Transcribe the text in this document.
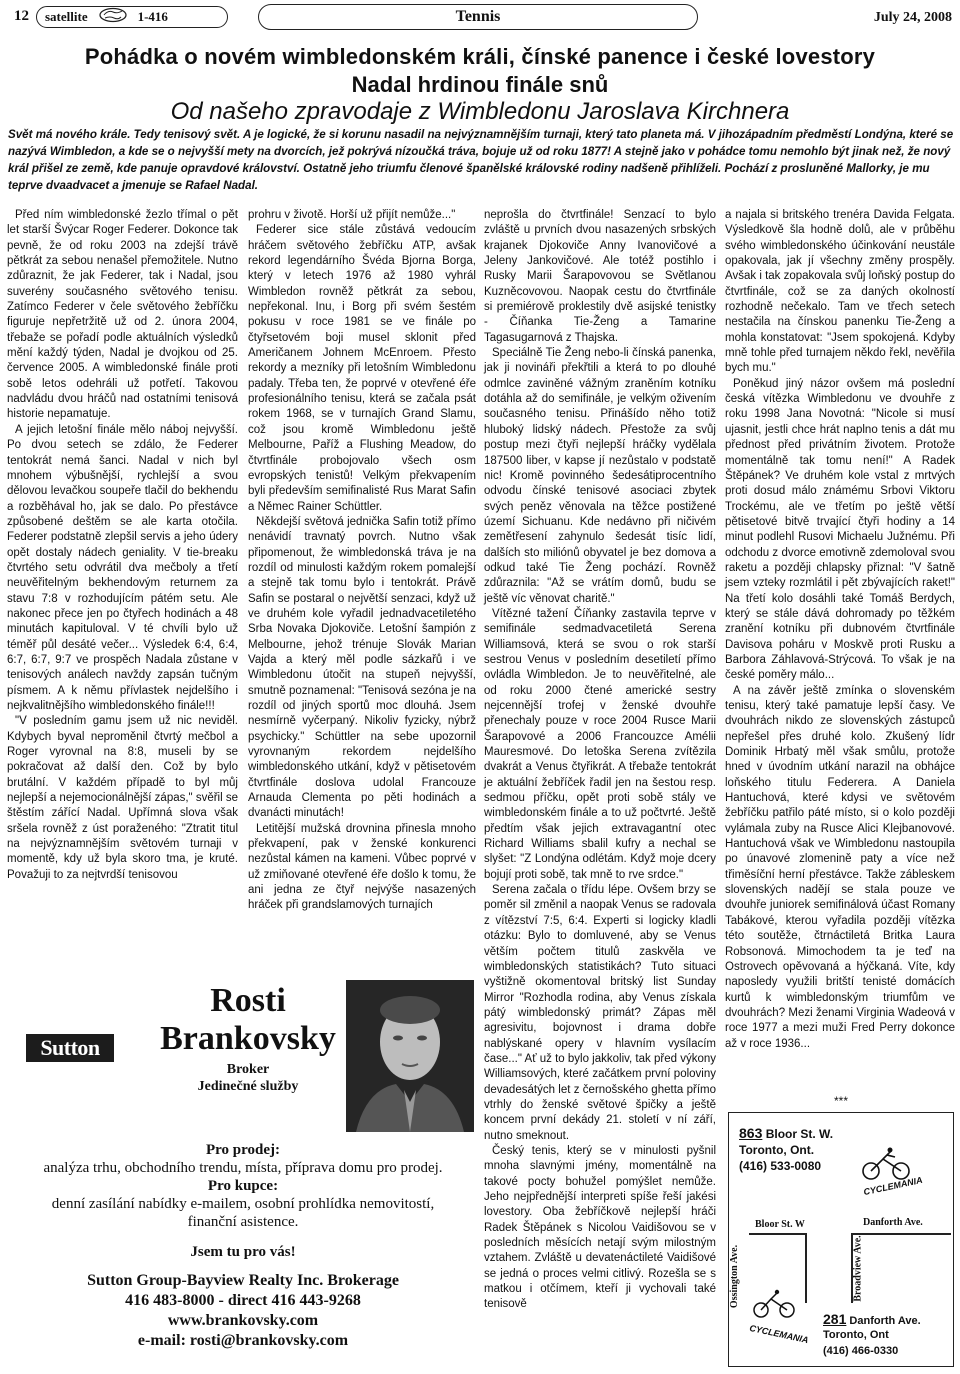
12 satellite	1-416	Tennis	July 24, 2008
Pohádka o novém wimbledonském králi, čínské panence i české lovestory
Nadal hrdinou finále snů
Od našeho zpravodaje z Wimbledonu Jaroslava Kirchnera
Svět má nového krále. Tedy tenisový svět. A je logické, že si korunu nasadil na nejvýznamnějším turnaji, který tato planeta má. V jihozápadním předměstí Londýna, které se nazývá Wimbledon, a kde se o nejvyšší mety na dvorcích, jež pokrývá nízoučká tráva, bojuje už od roku 1877! A stejně jako v pohádce tomu nemohlo být jinak než, že nový král přišel ze země, kde panuje opravdové království. Ostatně jeho triumfu členové španělské královské rodiny nadšeně přihlíželi. Pochází z prosluněné Mallorky, je mu teprve dvaadvacet a jmenuje se Rafael Nadal.

Před ním wimbledonské žezlo třímal o pět let starší Švýcar Roger Federer. Dokonce tak pevně, že od roku 2003 na zdejší trávě pětkrát za sebou nenašel přemožitele. Nutno zdůraznit, že jak Federer, tak i Nadal, jsou suverény současného světového tenisu. Zatímco Federer v čele světového žebříčku figuruje nepřetržitě už od 2. února 2004, třebaže se pořadí podle aktuálních výsledků mění každý týden, Nadal je dvojkou od 25. července 2005. A wimbledonské finále proti sobě letos odehráli už potřetí. Takovou nadvládu dvou hráčů nad ostatními tenisová historie nepamatuje.

A jejich letošní finále mělo náboj nejvyšší. Po dvou setech se zdálo, že Federer tentokrát nemá šanci. Nadal v nich byl mnohem výbušnější, rychlejší a svou dělovou levačkou soupeře tlačil do bekhendu a rozběhával ho, jak se dalo. Po přestávce způsobené deštěm se ale karta otočila. Federer podstatně zlepšil servis a jeho údery opět dostaly nádech geniality. V tie-breaku čtvrtého setu odvrátil dva mečboly a třetí neuvěřitelným bekhendovým returnem za stavu 7:8 v rozhodujícím pátém setu. Ale nakonec přece jen po čtyřech hodinách a 48 minutách kapituloval. V té chvíli bylo už téměř půl desáté večer... Výsledek 6:4, 6:4, 6:7, 6:7, 9:7 ve prospěch Nadala zůstane v tenisových análech navždy zapsán tučným písmem. A k němu přívlastek nejdelšího i nejkvalitnějšího wimbledonského finále!!!

"V posledním gamu jsem už nic neviděl. Kdybych byval neproměnil čtvrtý mečbol a Roger vyrovnal na 8:8, museli by se pokračovat až další den. Což by bylo brutální. V každém případě to byl můj nejlepší a nejemocionálnější zápas," svěřil se štěstím zářící Nadal. Upřímná slova však sršela rovněž z úst poraženého: "Ztratit titul na nejvýznamnějším světovém turnaji v momentě, kdy už byla skoro tma, je kruté. Považuji to za nejtvrdší tenisovou

prohru v životě. Horší už přijít nemůže..."

Federer sice stále zůstává vedoucím hráčem světového žebříčku ATP, avšak rekord legendárního Švéda Bjorna Borga, který v letech 1976 až 1980 vyhrál Wimbledon rovněž pětkrát za sebou, nepřekonal. Inu, i Borg při svém šestém pokusu v roce 1981 se ve finále po čtyřsetovém boji musel sklonit před Američanem Johnem McEnroem. Přesto rekordy a mezníky při letošním Wimbledonu padaly. Třeba ten, že poprvé v otevřené éře profesionálního tenisu, která se začala psát rokem 1968, se v turnajích Grand Slamu, což jsou kromě Wimbledonu ještě Melbourne, Paříž a Flushing Meadow, do čtvrtfinále probojovalo všech osm evropských tenistů! Velkým překvapením byli především semifinalisté Rus Marat Safin a Němec Rainer Schüttler.

Někdejší světová jednička Safin totiž přímo nenávidí travnatý povrch. Nutno však připomenout, že wimbledonská tráva je na rozdíl od minulosti každým rokem pomalejší a stejně tak tomu bylo i tentokrát. Právě Safin se postaral o největší senzaci, když už ve druhém kole vyřadil jednadvacetiletého Srba Novaka Djokoviče. Letošní šampión z Melbourne, jehož trénuje Slovák Marian Vajda a který měl podle sázkařů i ve Wimbledonu útočit na stupeň nejvyšší, smutně poznamenal: "Tenisová sezóna je na rozdíl od jiných sportů moc dlouhá. Jsem nesmírně vyčerpaný. Nikoliv fyzicky, nýbrž psychicky." Schüttler na sebe upozornil vyrovnaným rekordem nejdelšího wimbledonského utkání, když v pětisetovém čtvrtfinále doslova udolal Francouze Arnauda Clementa po pěti hodinách a dvanácti minutách!

Letitější mužská drovnina přinesla mnoho překvapení, pak v ženské konkurenci nezůstal kámen na kameni. Vůbec poprvé v už zmiňované otevřené éře došlo k tomu, že ani jedna ze čtyř nejvýše nasazených hráček při grandslamových turnajích

neprošla do čtvrtfinále! Senzací to bylo zvláště u prvních dvou nasazených srbských krajanek Djokoviče Anny Ivanovičové a Jeleny Jankovičové. Ale totéž postihlo i Rusky Marii Šarapovovou se Světlanou Kuzněcovovou. Naopak cestu do čtvrtfinále si premiérově proklestily dvě asijské tenistky - Číňanka Tie-Ženg a Tamarine Tagasugarnová z Thajska.

Speciálně Tie Ženg nebo-li čínská panenka, jak ji novináři překřtili a která to po dlouhé odmlce zaviněné vážným zraněním kotníku dotáhla až do semifinále, je velkým oživením současného tenisu. Přinášído něho totiž hluboký lidský nádech. Přestože za svůj postup mezi čtyři nejlepší hráčky vydělala 187500 liber, v kapse jí nezůstalo v podstatě nic! Kromě povinného šedesátiprocentního odvodu čínské tenisové asociaci zbytek svých peněz věnovala na těžce postižené území Sichuanu. Kde nedávno při ničivém zemětřesení zahynulo šedesát tisíc lidí, dalších sto miliónů obyvatel je bez domova a odkud také Tie Ženg pochází. Rovněž zdůraznila: "Až se vrátím domů, budu se ještě víc věnovat charitě."

Vítězné tažení Číňanky zastavila teprve v semifinále sedmadvacetiletá Serena Williamsová, která se svou o rok starší sestrou Venus v posledním desetiletí přímo ovládla Wimbledon. Je to neuvěřitelné, ale od roku 2000 čtené americké sestry nejcennější trofej v ženské dvouhře přenechaly pouze v roce 2004 Rusce Marii Šarapovové a 2006 Francouzce Amélii Mauresmové. Do letoška Serena zvítězila dvakrát a Venus čtyřikrát. A třebaže tentokrát je aktuální žebříček řadil jen na šestou resp. sedmou příčku, opět proti sobě stály ve wimbledonském finále a to už počtvrté. Ještě předtím však jejich extravagantní otec Richard Williams sbalil kufry a nechal se slyšet: "Z Londýna odlétám. Když moje dcery bojují proti sobě, tak mně to rve srdce."

Serena začala o třídu lépe. Ovšem brzy se poměr sil změnil a naopak Venus se radovala z vítězství 7:5, 6:4. Experti si logicky kladli otázku: Bylo to domluvené, aby se Venus větším počtem titulů zaskvěla ve wimbledonských statistikách? Tuto situaci vyštižně okomentoval britský list Sunday Mirror "Rozhodla rodina, aby Venus získala pátý wimbledonský primát? Zápas měl agresivitu, bojovnost i drama dobře nablýskané opery v hlavním vysílacím čase..." Ať už to bylo jakkoliv, tak před výkony Williamsových, které začátkem první poloviny devadesátých let z černošského ghetta přímo vtrhly do ženské světové špičky a ještě koncem první dekády 21. století v ní září, nutno smeknout.

Český tenis, který se v minulosti pyšnil mnoha slavnými jmény, momentálně na takové pocty bohužel pomýšlet nemůže. Jeho nejpřednější interpreti spíše řeší jakési lovestory. Oba žebříčkově nejlepší hráči Radek Štěpánek s Nicolou Vaidišovou se v posledních měsících netají svým milostným vztahem. Zvláště u devatenáctileté Vaidišové se jedná o proces velmi citlivý. Rozešla se s matkou i otčímem, kteří ji vychovali také tenisově

a najala si britského trenéra Davida Felgata. Výsledkově šla hodně dolů, ale v průběhu svého wimbledonského účinkování neustále opakovala, jak jí všechny změny prospěly. Avšak i tak zopakovala svůj loňský postup do čtvrtfinále, což se za daných okolností rozhodně nečekalo. Tam ve třech setech nestačila na čínskou panenku Tie-Ženg a mohla konstatovat: "Jsem spokojená. Kdyby mně tohle před turnajem někdo řekl, nevěřila bych mu."

Poněkud jiný názor ovšem má poslední česká vítězka Wimbledonu ve dvouhře z roku 1998 Jana Novotná: "Nicole si musí ujasnit, jestli chce hrát naplno tenis a dát mu přednost před privátním životem. Protože momentálně tak tomu není!" A Radek Štěpánek? Ve druhém kole vstal z mrtvých proti dosud málo známému Srbovi Viktoru Trockému, ale ve třetím po ještě větší pětisetové bitvě trvající čtyři hodiny a 14 minut podlehl Rusovi Michaelu Južnému. Při odchodu z dvorce emotivně zdemoloval svou raketu a později chlapsky přiznal: "V šatně jsem vzteky rozmlátil i pět zbývajících raket!" Na třetí kolo dosáhli také Tomáš Berdych, který se stále dává dohromady po těžkém zranění kotníku při dubnovém čtvrtfinále Davisova poháru v Moskvě proti Rusku a Barbora Záhlavová-Strýcová. To však je na české poměry málo...

A na závěr ještě zmínka o slovenském tenisu, který také pamatuje lepší časy. Ve dvouhrách nikdo ze slovenských zástupců nepřešel přes druhé kolo. Zkušený lídr Dominik Hrbatý měl však smůlu, protože hned v úvodním utkání narazil na obhájce loňského titulu Federera. A Daniela Hantuchová, které kdysi ve světovém žebříčku patřilo páté místo, si o kolo později vylámala zuby na Rusce Alici Klejbanovové. Hantuchová však ve Wimbledonu nastoupila po únavové zlomenině paty a více než třiměsíční herní přestávce. Takže zábleskem slovenských nadějí se stala pouze ve dvouhře juniorek semifinálová účast Romany Tabákové, kterou vyřadila později vítězka této soutěže, čtrnáctiletá Britka Laura Robsonová. Mimochodem ta je teď na Ostrovech opěvovaná a hýčkaná. Víte, kdy naposledy využili britští tenisté domácích kurtů k wimbledonským triumfům ve dvouhrách? Mezi ženami Virginia Wadeová v roce 1977 a mezi muži Fred Perry dokonce až v roce 1936...

Sutton
Rosti
Brankovsky
Broker
Jedinečné služby
Pro prodej:
analýza trhu, obchodního trendu, místa, příprava domu pro prodej.
Pro kupce:
denní zasílání nabídky e-mailem, osobní prohlídka nemovitostí,
finanční asistence.
Jsem tu pro vás!
Sutton Group-Bayview Realty Inc. Brokerage
416 483-8000 - direct 416 443-9268
www.brankovsky.com
e-mail: rosti@brankovsky.com
***
863 Bloor St. W.
Toronto, Ont.
(416) 533-0080
CYCLEMANIA
Bloor St. W	Danforth Ave.
Ossington Ave.	Broadview Ave.
CYCLEMANIA
281 Danforth Ave.
Toronto, Ont
(416) 466-0330
